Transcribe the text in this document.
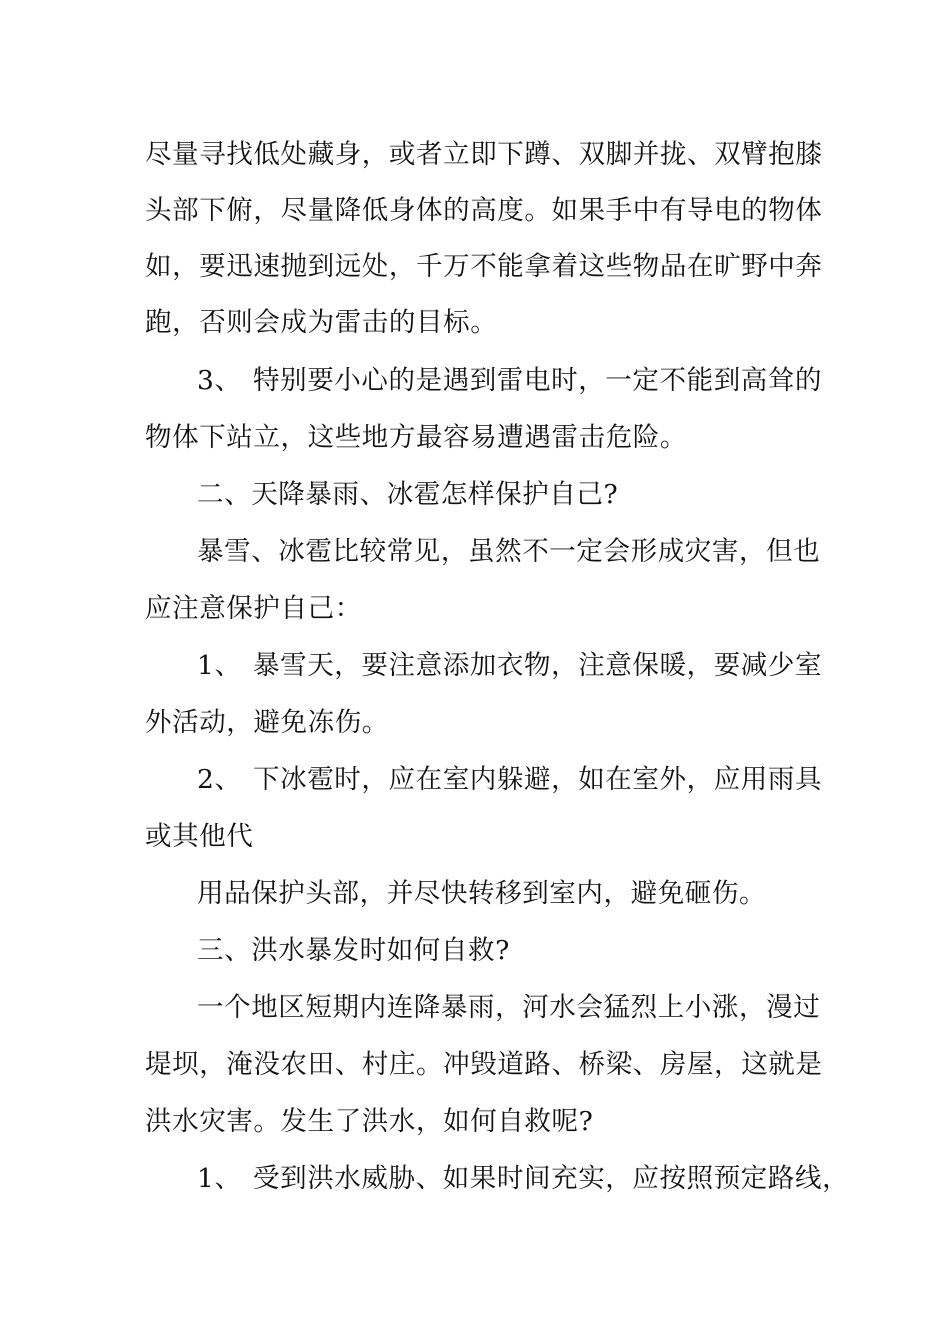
尽量寻找低处藏身，或者立即下蹲、双脚并拢、双臂抱膝
头部下俯，尽量降低身体的高度。如果手中有导电的物体
如，要迅速抛到远处，千万不能拿着这些物品在旷野中奔
跑，否则会成为雷击的目标。
3、 特别要小心的是遇到雷电时，一定不能到高耸的
物体下站立，这些地方最容易遭遇雷击危险。
二、天降暴雨、冰雹怎样保护自己?
暴雪、冰雹比较常见，虽然不一定会形成灾害，但也
应注意保护自己：
1、 暴雪天，要注意添加衣物，注意保暖，要减少室
外活动，避免冻伤。
2、 下冰雹时，应在室内躲避，如在室外，应用雨具
或其他代
用品保护头部，并尽快转移到室内，避免砸伤。
三、洪水暴发时如何自救?
一个地区短期内连降暴雨，河水会猛烈上小涨，漫过
堤坝，淹没农田、村庄。冲毁道路、桥梁、房屋，这就是
洪水灾害。发生了洪水，如何自救呢?
1、 受到洪水威胁、如果时间充实，应按照预定路线，
